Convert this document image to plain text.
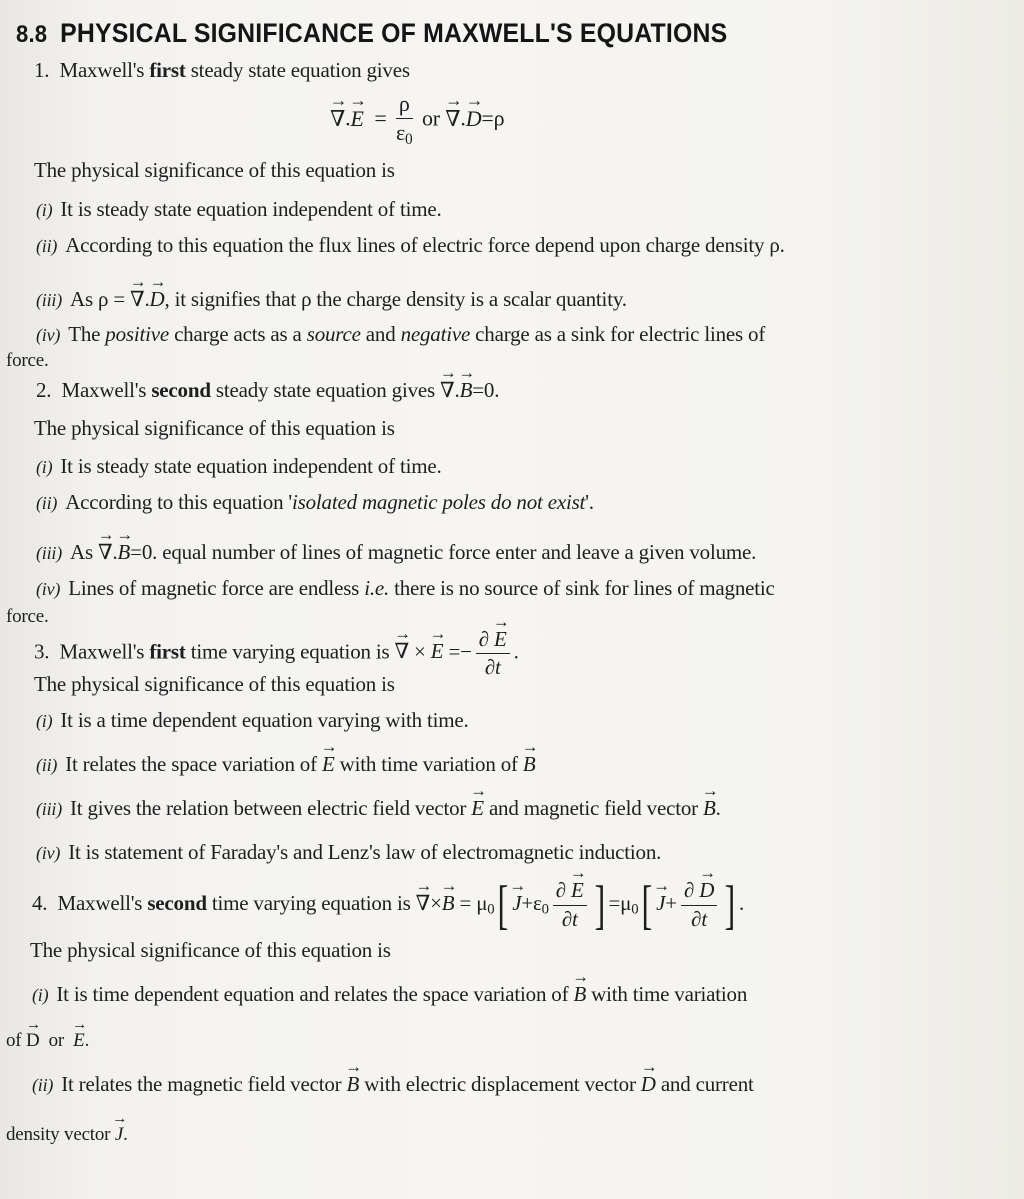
8.8 PHYSICAL SIGNIFICANCE OF MAXWELL'S EQUATIONS
1. Maxwell's first steady state equation gives
→ ∇.→ $E = \frac{\rho}{\varepsilon_0}$ or → ∇.→ D=ρ
The physical significance of this equation is
(i) It is steady state equation independent of time.
(ii) According to this equation the flux lines of electric force depend upon charge density ρ.
(iii) As ρ = → ∇.→ D, it signifies that ρ the charge density is a scalar quantity.
(iv) The positive charge acts as a source and negative charge as a sink for electric lines of
force.
2. Maxwell's second steady state equation gives → ∇.→ B=0.
The physical significance of this equation is
(i) It is steady state equation independent of time.
(ii) According to this equation 'isolated magnetic poles do not exist'.
(iii) As → ∇.→ B=0. equal number of lines of magnetic force enter and leave a given volume.
(iv) Lines of magnetic force are endless i.e. there is no source of sink for lines of magnetic
force.
3. Maxwell's first time varying equation is → ∇ × → $E =- \frac{\partial \to E}{\partial t}$ .
The physical significance of this equation is
(i) It is a time dependent equation varying with time.
(ii) It relates the space variation of → E with time variation of → B
(iii) It gives the relation between electric field vector → E and magnetic field vector → B.
(iv) It is statement of Faraday's and Lenz's law of electromagnetic induction.
4. Maxwell's second time varying equation is → ∇×→ $B = \mu_0[ \to J+\varepsilon_0 \frac{\partial \to E}{\partial t}$ ] $=\mu_0[ \to J+ \frac{\partial \to D}{\partial t}$ ] .
The physical significance of this equation is
(i) It is time dependent equation and relates the space variation of → B with time variation
of → D  or  → E.
(ii) It relates the magnetic field vector → B with electric displacement vector → D and current
density vector → J.
